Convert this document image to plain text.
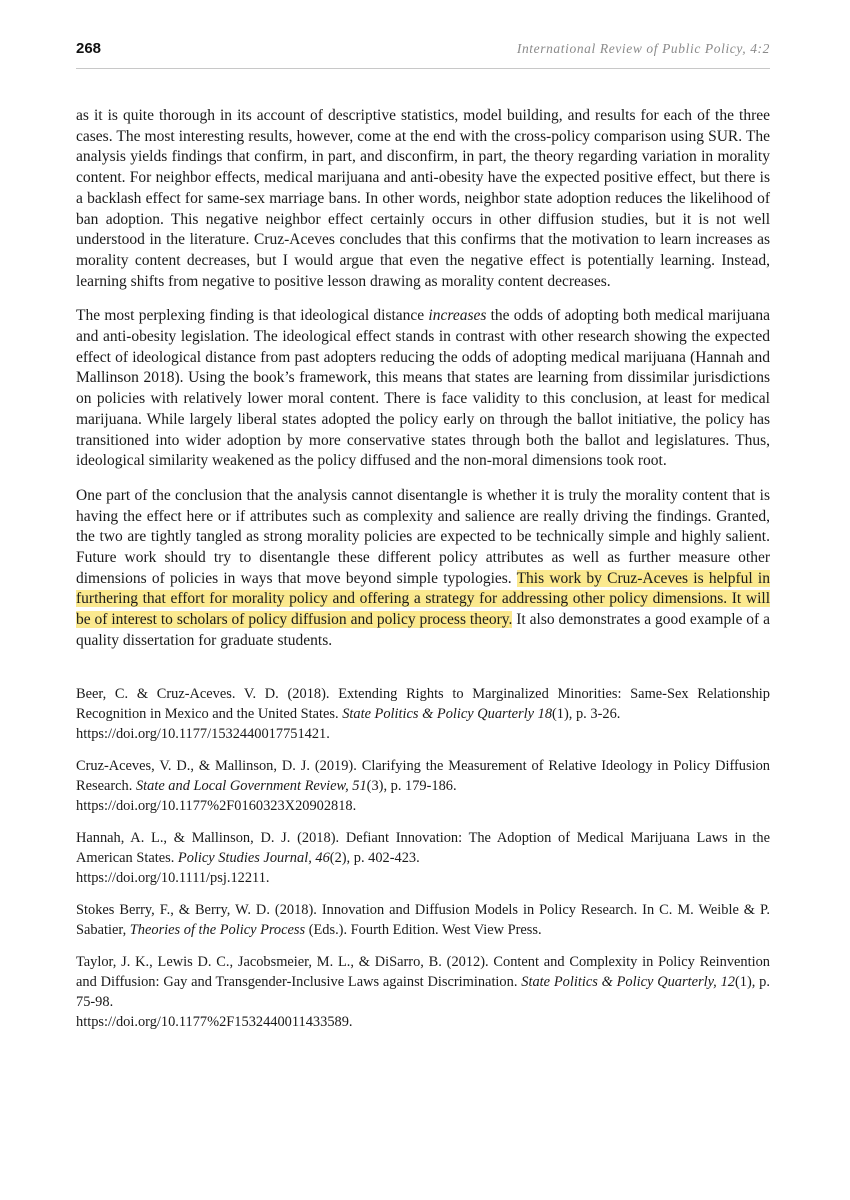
268	International Review of Public Policy, 4:2

as it is quite thorough in its account of descriptive statistics, model building, and results for each of the three cases. The most interesting results, however, come at the end with the cross-policy comparison using SUR. The analysis yields findings that confirm, in part, and disconfirm, in part, the theory regarding variation in morality content. For neighbor effects, medical marijuana and anti-obesity have the expected positive effect, but there is a backlash effect for same-sex marriage bans. In other words, neighbor state adoption reduces the likelihood of ban adoption. This negative neighbor effect certainly occurs in other diffusion studies, but it is not well understood in the literature. Cruz-Aceves concludes that this confirms that the motivation to learn increases as morality content decreases, but I would argue that even the negative effect is potentially learning. Instead, learning shifts from negative to positive lesson drawing as morality content decreases.

The most perplexing finding is that ideological distance increases the odds of adopting both medical marijuana and anti-obesity legislation. The ideological effect stands in contrast with other research showing the expected effect of ideological distance from past adopters reducing the odds of adopting medical marijuana (Hannah and Mallinson 2018). Using the book’s framework, this means that states are learning from dissimilar jurisdictions on policies with relatively lower moral content. There is face validity to this conclusion, at least for medical marijuana. While largely liberal states adopted the policy early on through the ballot initiative, the policy has transitioned into wider adoption by more conservative states through both the ballot and legislatures. Thus, ideological similarity weakened as the policy diffused and the non-moral dimensions took root.

One part of the conclusion that the analysis cannot disentangle is whether it is truly the morality content that is having the effect here or if attributes such as complexity and salience are really driving the findings. Granted, the two are tightly tangled as strong morality policies are expected to be technically simple and highly salient. Future work should try to disentangle these different policy attributes as well as further measure other dimensions of policies in ways that move beyond simple typologies. This work by Cruz-Aceves is helpful in furthering that effort for morality policy and offering a strategy for addressing other policy dimensions. It will be of interest to scholars of policy diffusion and policy process theory. It also demonstrates a good example of a quality dissertation for graduate students.

Beer, C. & Cruz-Aceves. V. D. (2018). Extending Rights to Marginalized Minorities: Same-Sex Relationship Recognition in Mexico and the United States. State Politics & Policy Quarterly 18(1), p. 3-26.
https://doi.org/10.1177/1532440017751421.

Cruz-Aceves, V. D., & Mallinson, D. J. (2019). Clarifying the Measurement of Relative Ideology in Policy Diffusion Research. State and Local Government Review, 51(3), p. 179-186.
https://doi.org/10.1177%2F0160323X20902818.

Hannah, A. L., & Mallinson, D. J. (2018). Defiant Innovation: The Adoption of Medical Marijuana Laws in the American States. Policy Studies Journal, 46(2), p. 402-423.
https://doi.org/10.1111/psj.12211.

Stokes Berry, F., & Berry, W. D. (2018). Innovation and Diffusion Models in Policy Research. In C. M. Weible & P. Sabatier, Theories of the Policy Process (Eds.). Fourth Edition. West View Press.

Taylor, J. K., Lewis D. C., Jacobsmeier, M. L., & DiSarro, B. (2012). Content and Complexity in Policy Reinvention and Diffusion: Gay and Transgender-Inclusive Laws against Discrimination. State Politics & Policy Quarterly, 12(1), p. 75-98.
https://doi.org/10.1177%2F1532440011433589.
